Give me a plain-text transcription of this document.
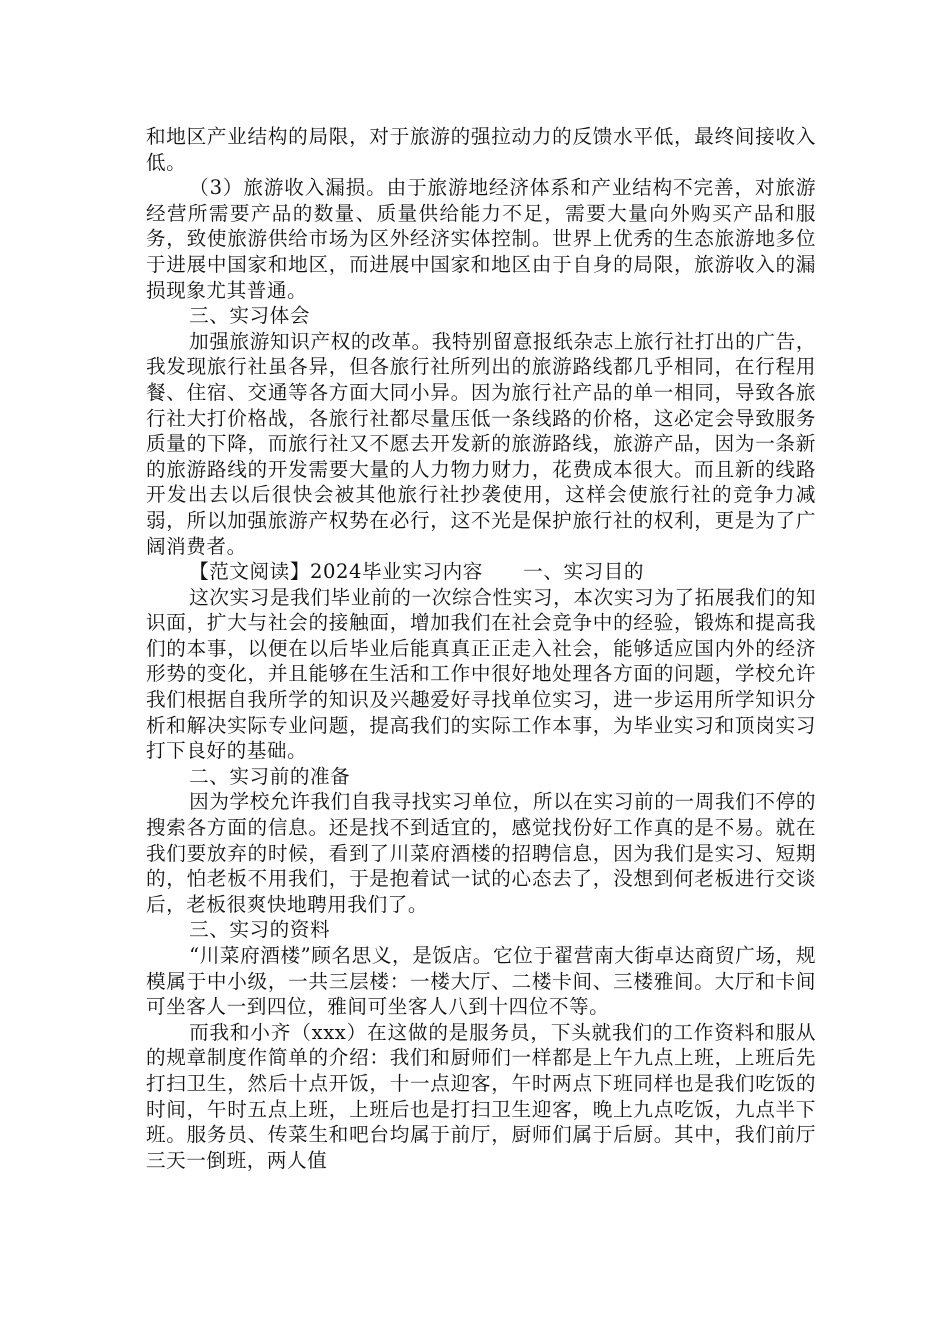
和地区产业结构的局限，对于旅游的强拉动力的反馈水平低，最终间接收入低。

（3）旅游收入漏损。由于旅游地经济体系和产业结构不完善，对旅游经营所需要产品的数量、质量供给能力不足，需要大量向外购买产品和服务，致使旅游供给市场为区外经济实体控制。世界上优秀的生态旅游地多位于进展中国家和地区，而进展中国家和地区由于自身的局限，旅游收入的漏损现象尤其普通。

三、实习体会

加强旅游知识产权的改革。我特别留意报纸杂志上旅行社打出的广告，我发现旅行社虽各异，但各旅行社所列出的旅游路线都几乎相同，在行程用餐、住宿、交通等各方面大同小异。因为旅行社产品的单一相同，导致各旅行社大打价格战，各旅行社都尽量压低一条线路的价格，这必定会导致服务质量的下降，而旅行社又不愿去开发新的旅游路线，旅游产品，因为一条新的旅游路线的开发需要大量的人力物力财力，花费成本很大。而且新的线路开发出去以后很快会被其他旅行社抄袭使用，这样会使旅行社的竞争力减弱，所以加强旅游产权势在必行，这不光是保护旅行社的权利，更是为了广阔消费者。

【范文阅读】2024毕业实习内容　　一、实习目的

这次实习是我们毕业前的一次综合性实习，本次实习为了拓展我们的知识面，扩大与社会的接触面，增加我们在社会竞争中的经验，锻炼和提高我们的本事，以便在以后毕业后能真真正正走入社会，能够适应国内外的经济形势的变化，并且能够在生活和工作中很好地处理各方面的问题，学校允许我们根据自我所学的知识及兴趣爱好寻找单位实习，进一步运用所学知识分析和解决实际专业问题，提高我们的实际工作本事，为毕业实习和顶岗实习打下良好的基础。

二、实习前的准备

因为学校允许我们自我寻找实习单位，所以在实习前的一周我们不停的搜索各方面的信息。还是找不到适宜的，感觉找份好工作真的是不易。就在我们要放弃的时候，看到了川菜府酒楼的招聘信息，因为我们是实习、短期的，怕老板不用我们，于是抱着试一试的心态去了，没想到何老板进行交谈后，老板很爽快地聘用我们了。

三、实习的资料

“川菜府酒楼”顾名思义，是饭店。它位于翟营南大街卓达商贸广场，规模属于中小级，一共三层楼：一楼大厅、二楼卡间、三楼雅间。大厅和卡间可坐客人一到四位，雅间可坐客人八到十四位不等。

而我和小齐（xxx）在这做的是服务员，下头就我们的工作资料和服从的规章制度作简单的介绍：我们和厨师们一样都是上午九点上班，上班后先打扫卫生，然后十点开饭，十一点迎客，午时两点下班同样也是我们吃饭的时间，午时五点上班，上班后也是打扫卫生迎客，晚上九点吃饭，九点半下班。服务员、传菜生和吧台均属于前厅，厨师们属于后厨。其中，我们前厅三天一倒班，两人值
